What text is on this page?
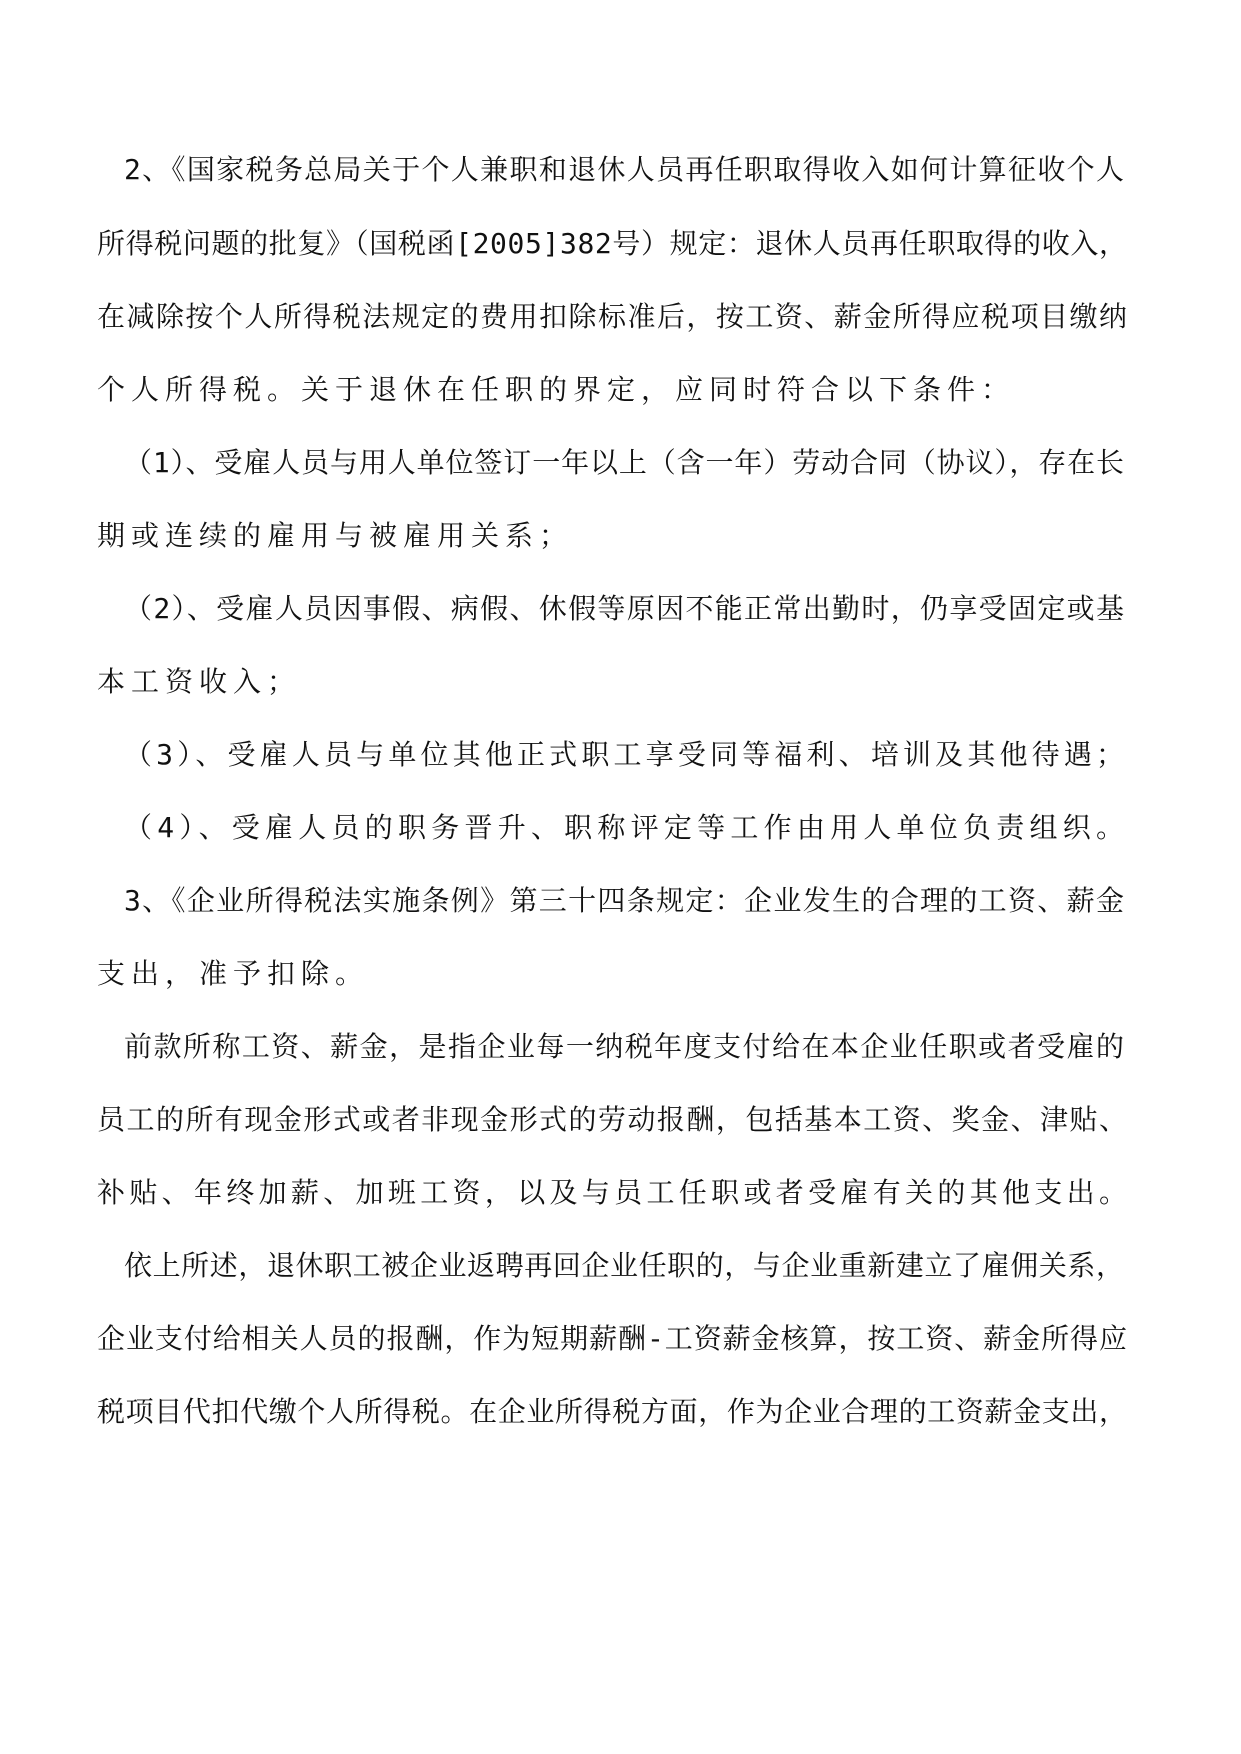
2、《国家税务总局关于个人兼职和退休人员再任职取得收入如何计算征收个人

所得税问题的批复》（国税函[2005]382号）规定：退休人员再任职取得的收入，

在减除按个人所得税法规定的费用扣除标准后，按工资、薪金所得应税项目缴纳

个人所得税。关于退休在任职的界定，应同时符合以下条件：

（1）、受雇人员与用人单位签订一年以上（含一年）劳动合同（协议），存在长

期或连续的雇用与被雇用关系；

（2）、受雇人员因事假、病假、休假等原因不能正常出勤时，仍享受固定或基

本工资收入；

（3）、受雇人员与单位其他正式职工享受同等福利、培训及其他待遇；

（4）、受雇人员的职务晋升、职称评定等工作由用人单位负责组织。

3、《企业所得税法实施条例》第三十四条规定：企业发生的合理的工资、薪金

支出，准予扣除。

前款所称工资、薪金，是指企业每一纳税年度支付给在本企业任职或者受雇的

员工的所有现金形式或者非现金形式的劳动报酬，包括基本工资、奖金、津贴、

补贴、年终加薪、加班工资，以及与员工任职或者受雇有关的其他支出。

依上所述，退休职工被企业返聘再回企业任职的，与企业重新建立了雇佣关系，

企业支付给相关人员的报酬，作为短期薪酬-工资薪金核算，按工资、薪金所得应

税项目代扣代缴个人所得税。在企业所得税方面，作为企业合理的工资薪金支出，
